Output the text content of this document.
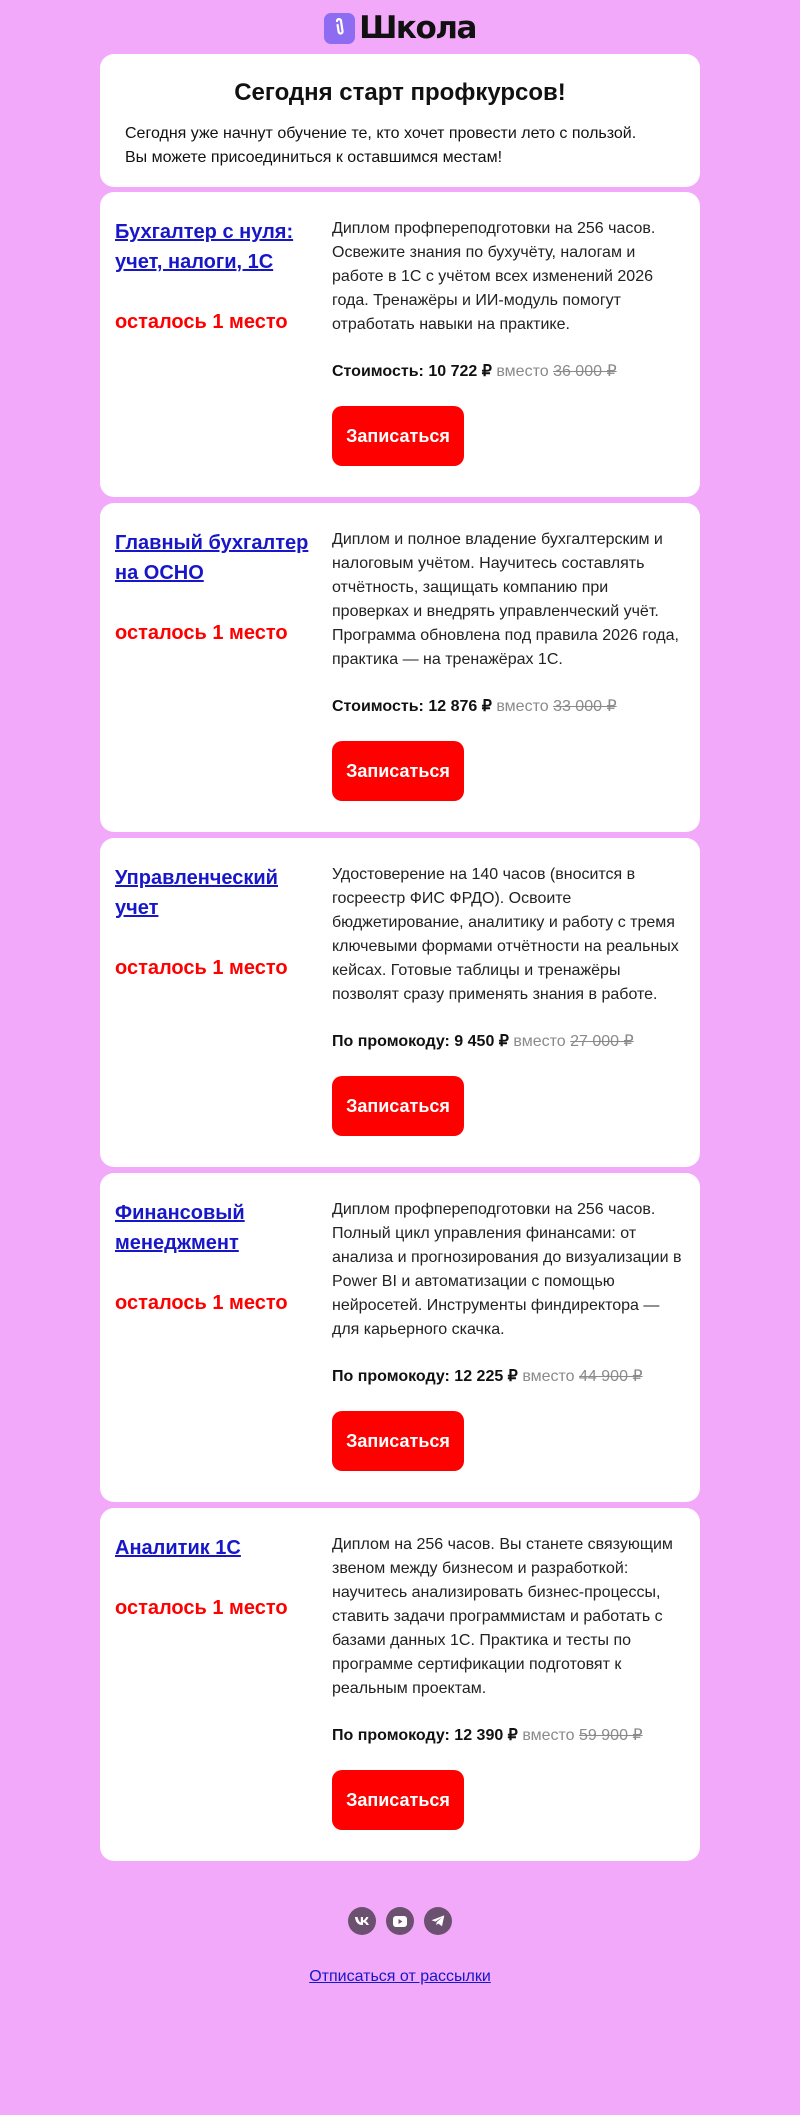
Школа
Сегодня старт профкурсов!

Сегодня уже начнут обучение те, кто хочет провести лето с пользой.
Вы можете присоединиться к оставшимся местам!

Бухгалтер с нуля: учет, налоги, 1С
осталось 1 место
Диплом профпереподготовки на 256 часов. Освежите знания по бухучёту, налогам и работе в 1С с учётом всех изменений 2026 года. Тренажёры и ИИ-модуль помогут отработать навыки на практике.
Стоимость: 10 722 ₽ вместо 36 000 ₽
Записаться
Главный бухгалтер на ОСНО
осталось 1 место
Диплом и полное владение бухгалтерским и налоговым учётом. Научитесь составлять отчётность, защищать компанию при проверках и внедрять управленческий учёт. Программа обновлена под правила 2026 года, практика — на тренажёрах 1С.
Стоимость: 12 876 ₽ вместо 33 000 ₽
Записаться
Управленческий учет
осталось 1 место
Удостоверение на 140 часов (вносится в госреестр ФИС ФРДО). Освоите бюджетирование, аналитику и работу с тремя ключевыми формами отчётности на реальных кейсах. Готовые таблицы и тренажёры позволят сразу применять знания в работе.
По промокоду: 9 450 ₽ вместо 27 000 ₽
Записаться
Финансовый менеджмент
осталось 1 место
Диплом профпереподготовки на 256 часов. Полный цикл управления финансами: от анализа и прогнозирования до визуализации в Power BI и автоматизации с помощью нейросетей. Инструменты финдиректора — для карьерного скачка.
По промокоду: 12 225 ₽ вместо 44 900 ₽
Записаться
Аналитик 1С
осталось 1 место
Диплом на 256 часов. Вы станете связующим звеном между бизнесом и разработкой: научитесь анализировать бизнес-процессы, ставить задачи программистам и работать с базами данных 1С. Практика и тесты по программе сертификации подготовят к реальным проектам.
По промокоду: 12 390 ₽ вместо 59 900 ₽
Записаться
Отписаться от рассылки
